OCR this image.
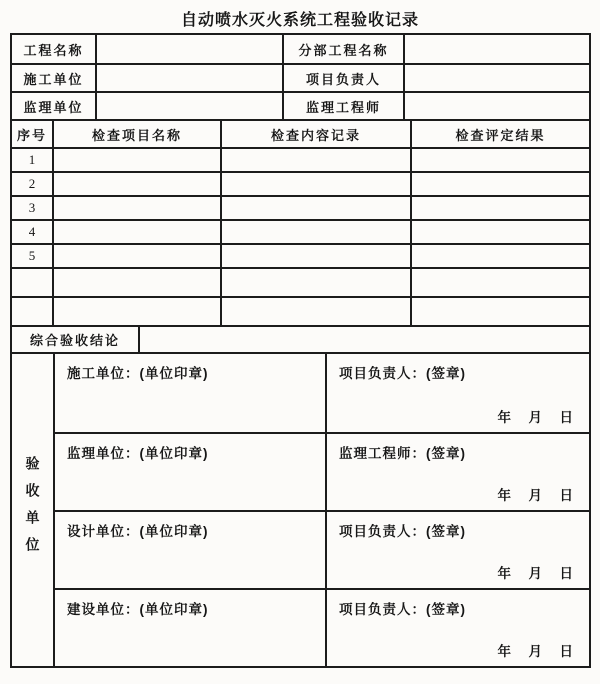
自动喷水灭火系统工程验收记录
工程名称	分部工程名称
施工单位	项目负责人
监理单位	监理工程师
序号	检查项目名称	检查内容记录	检查评定结果
1
2
3
4
5
综合验收结论
验收单位
施工单位：(单位印章)	项目负责人：(签章)
年　月　日
监理单位：(单位印章)	监理工程师：(签章)
年　月　日
设计单位：(单位印章)	项目负责人：(签章)
年　月　日
建设单位：(单位印章)	项目负责人：(签章)
年　月　日
